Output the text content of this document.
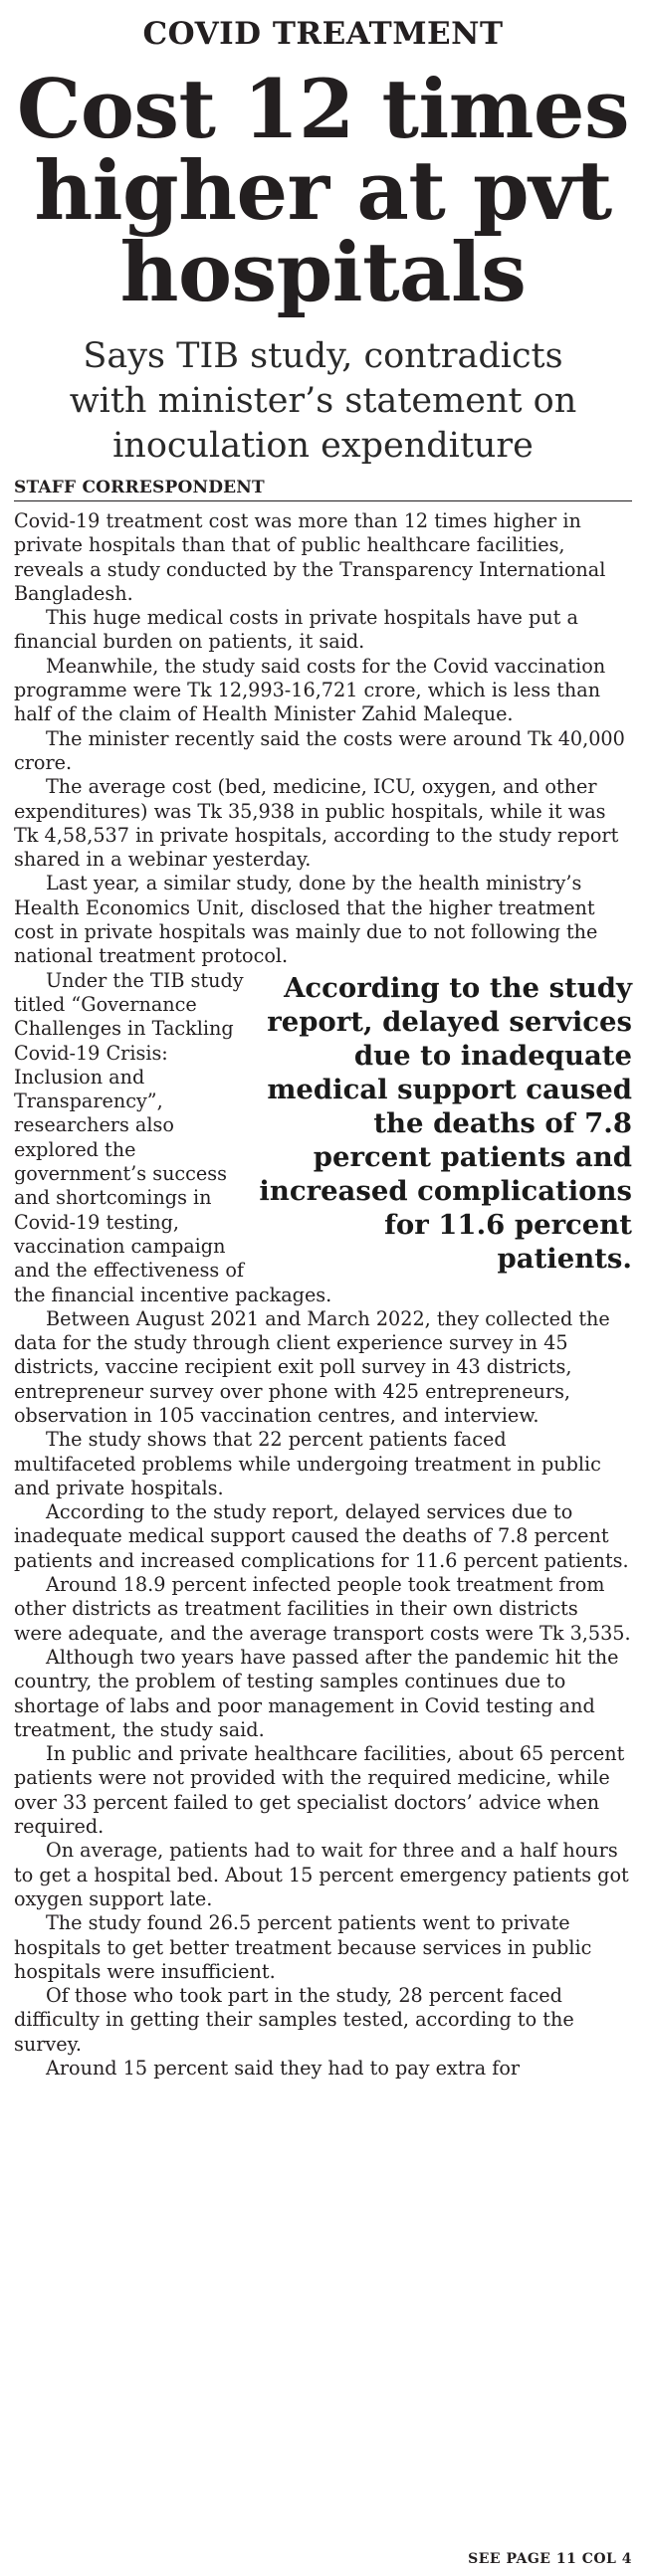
COVID TREATMENT
Cost 12 times
higher at pvt
hospitals
Says TIB study, contradicts
with minister’s statement on
inoculation expenditure
STAFF CORRESPONDENT

Covid-19 treatment cost was more than 12 times higher in private hospitals than that of public healthcare facilities, reveals a study conducted by the Transparency International Bangladesh.

This huge medical costs in private hospitals have put a financial burden on patients, it said.

Meanwhile, the study said costs for the Covid vaccination programme were Tk 12,993-16,721 crore, which is less than half of the claim of Health Minister Zahid Maleque.

The minister recently said the costs were around Tk 40,000 crore.

The average cost (bed, medicine, ICU, oxygen, and other expenditures) was Tk 35,938 in public hospitals, while it was Tk 4,58,537 in private hospitals, according to the study report shared in a webinar yesterday.

Last year, a similar study, done by the health ministry’s Health Economics Unit, disclosed that the higher treatment cost in private hospitals was mainly due to not following the national treatment protocol.

According to the study report, delayed services due to inadequate medical support caused the deaths of 7.8 percent patients and increased complications for 11.6 percent patients.

Under the TIB study titled “Governance Challenges in Tackling Covid-19 Crisis: Inclusion and Transparency”, researchers also explored the government’s success and shortcomings in Covid-19 testing, vaccination campaign and the effectiveness of the financial incentive packages.

Between August 2021 and March 2022, they collected the data for the study through client experience survey in 45 districts, vaccine recipient exit poll survey in 43 districts, entrepreneur survey over phone with 425 entrepreneurs, observation in 105 vaccination centres, and interview.

The study shows that 22 percent patients faced multifaceted problems while undergoing treatment in public and private hospitals.

According to the study report, delayed services due to inadequate medical support caused the deaths of 7.8 percent patients and increased complications for 11.6 percent patients.

Around 18.9 percent infected people took treatment from other districts as treatment facilities in their own districts were adequate, and the average transport costs were Tk 3,535.

Although two years have passed after the pandemic hit the country, the problem of testing samples continues due to shortage of labs and poor management in Covid testing and treatment, the study said.

In public and private healthcare facilities, about 65 percent patients were not provided with the required medicine, while over 33 percent failed to get specialist doctors’ advice when required.

On average, patients had to wait for three and a half hours to get a hospital bed. About 15 percent emergency patients got oxygen support late.

The study found 26.5 percent patients went to private hospitals to get better treatment because services in public hospitals were insufficient.

Of those who took part in the study, 28 percent faced difficulty in getting their samples tested, according to the survey.

Around 15 percent said they had to pay extra for

SEE PAGE 11 COL 4
